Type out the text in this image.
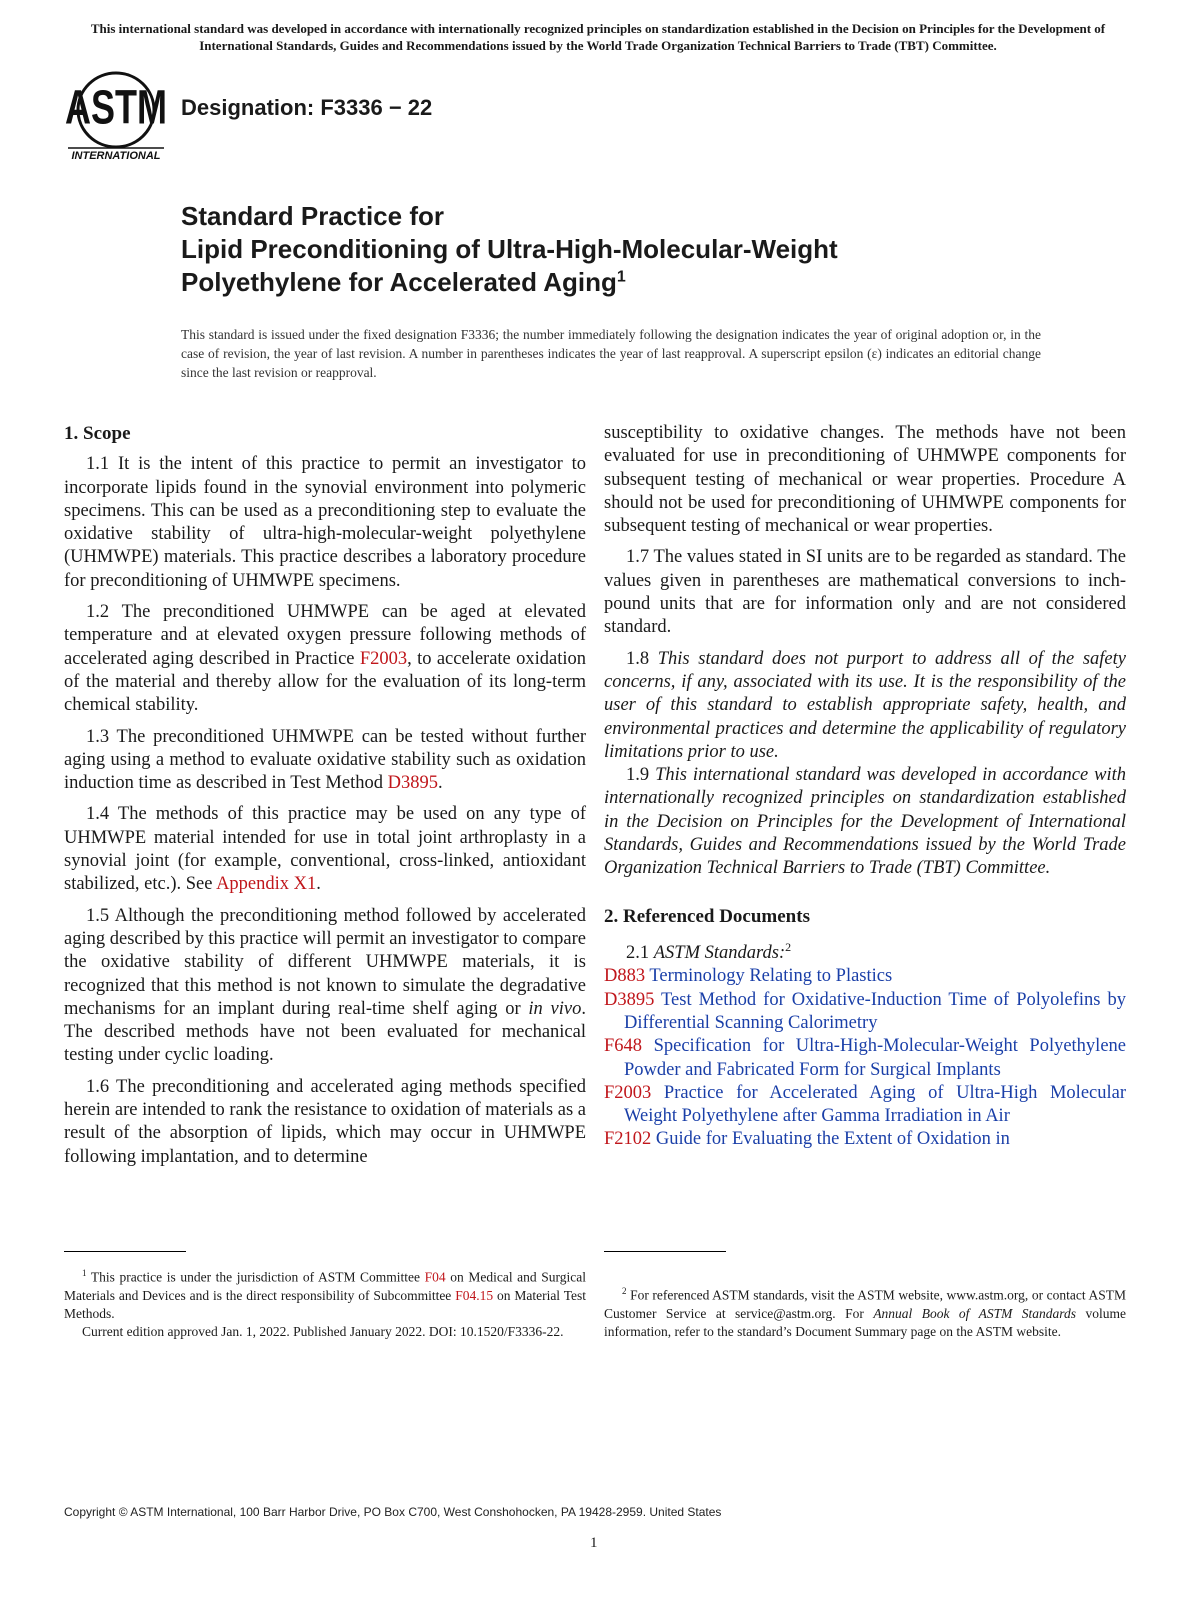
This international standard was developed in accordance with internationally recognized principles on standardization established in the Decision on Principles for the Development of International Standards, Guides and Recommendations issued by the World Trade Organization Technical Barriers to Trade (TBT) Committee.
ASTM
INTERNATIONAL
Designation: F3336 − 22
Standard Practice for
Lipid Preconditioning of Ultra-High-Molecular-Weight
Polyethylene for Accelerated Aging$^1$
This standard is issued under the fixed designation F3336; the number immediately following the designation indicates the year of original adoption or, in the case of revision, the year of last revision. A number in parentheses indicates the year of last reapproval. A superscript epsilon (ε) indicates an editorial change since the last revision or reapproval.

1. Scope

1.1 It is the intent of this practice to permit an investigator to incorporate lipids found in the synovial environment into polymeric specimens. This can be used as a preconditioning step to evaluate the oxidative stability of ultra-high-molecular-weight polyethylene (UHMWPE) materials. This practice describes a laboratory procedure for preconditioning of UHMWPE specimens.

1.2 The preconditioned UHMWPE can be aged at elevated temperature and at elevated oxygen pressure following methods of accelerated aging described in Practice F2003, to accelerate oxidation of the material and thereby allow for the evaluation of its long-term chemical stability.

1.3 The preconditioned UHMWPE can be tested without further aging using a method to evaluate oxidative stability such as oxidation induction time as described in Test Method D3895.

1.4 The methods of this practice may be used on any type of UHMWPE material intended for use in total joint arthroplasty in a synovial joint (for example, conventional, cross-linked, antioxidant stabilized, etc.). See Appendix X1.

1.5 Although the preconditioning method followed by accelerated aging described by this practice will permit an investigator to compare the oxidative stability of different UHMWPE materials, it is recognized that this method is not known to simulate the degradative mechanisms for an implant during real-time shelf aging or in vivo. The described methods have not been evaluated for mechanical testing under cyclic loading.

1.6 The preconditioning and accelerated aging methods specified herein are intended to rank the resistance to oxidation of materials as a result of the absorption of lipids, which may occur in UHMWPE following implantation, and to determine

susceptibility to oxidative changes. The methods have not been evaluated for use in preconditioning of UHMWPE components for subsequent testing of mechanical or wear properties. Procedure A should not be used for preconditioning of UHMWPE components for subsequent testing of mechanical or wear properties.

1.7 The values stated in SI units are to be regarded as standard. The values given in parentheses are mathematical conversions to inch-pound units that are for information only and are not considered standard.

1.8 This standard does not purport to address all of the safety concerns, if any, associated with its use. It is the responsibility of the user of this standard to establish appropriate safety, health, and environmental practices and determine the applicability of regulatory limitations prior to use.

1.9 This international standard was developed in accordance with internationally recognized principles on standardization established in the Decision on Principles for the Development of International Standards, Guides and Recommendations issued by the World Trade Organization Technical Barriers to Trade (TBT) Committee.

2. Referenced Documents

2.1 ASTM Standards:$^2$

D883 Terminology Relating to Plastics

D3895 Test Method for Oxidative-Induction Time of Polyolefins by Differential Scanning Calorimetry

F648 Specification for Ultra-High-Molecular-Weight Polyethylene Powder and Fabricated Form for Surgical Implants

F2003 Practice for Accelerated Aging of Ultra-High Molecular Weight Polyethylene after Gamma Irradiation in Air

F2102 Guide for Evaluating the Extent of Oxidation in

$^1$ This practice is under the jurisdiction of ASTM Committee F04 on Medical and Surgical Materials and Devices and is the direct responsibility of Subcommittee F04.15 on Material Test Methods.

Current edition approved Jan. 1, 2022. Published January 2022. DOI: 10.1520/F3336-22.

$^2$ For referenced ASTM standards, visit the ASTM website, www.astm.org, or contact ASTM Customer Service at service@astm.org. For Annual Book of ASTM Standards volume information, refer to the standard’s Document Summary page on the ASTM website.

Copyright © ASTM International, 100 Barr Harbor Drive, PO Box C700, West Conshohocken, PA 19428-2959. United States
1
